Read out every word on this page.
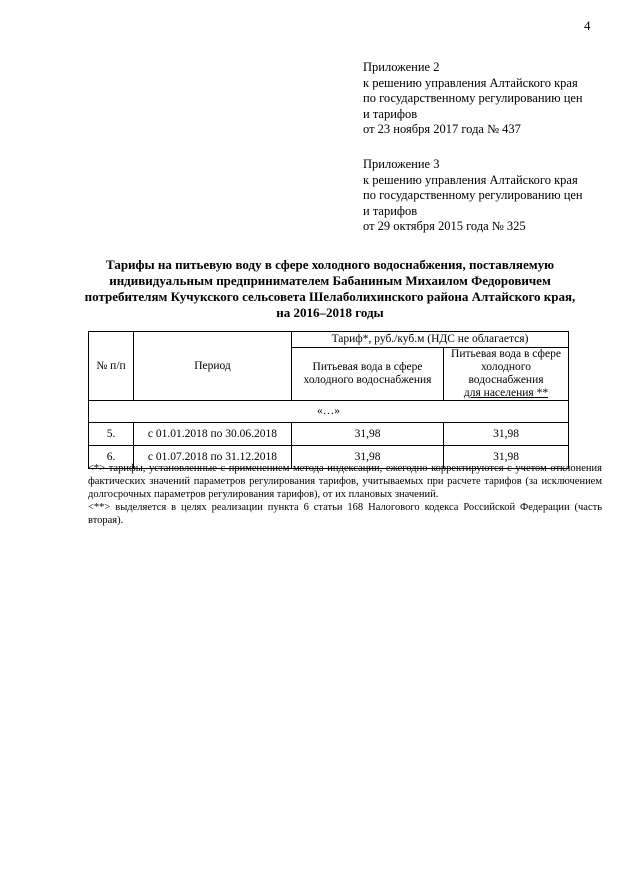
4
Приложение 2
к решению управления Алтайского края
по государственному регулированию цен
и тарифов
от 23 ноября 2017 года № 437
Приложение 3
к решению управления Алтайского края
по государственному регулированию цен
и тарифов
от 29 октября 2015 года № 325
Тарифы на питьевую воду в сфере холодного водоснабжения, поставляемую
индивидуальным предпринимателем Бабаниным Михаилом Федоровичем
потребителям Кучукского сельсовета Шелаболихинского района Алтайского края,
на 2016–2018 годы
№ п/п	Период	Тариф*, руб./куб.м (НДС не облагается)	
		Питьевая вода в сфере
холодного водоснабжения	Питьевая вода в сфере
холодного водоснабжения
для населения **
«…»			
5.	с 01.01.2018 по 30.06.2018	31,98	31,98
6.	с 01.07.2018 по 31.12.2018	31,98	31,98

<*> тарифы, установленные с применением метода индексации, ежегодно корректируются с учетом отклонения фактических значений параметров регулирования тарифов, учитываемых при расчете тарифов (за исключением долгосрочных параметров регулирования тарифов), от их плановых значений.

<**> выделяется в целях реализации пункта 6 статьи 168 Налогового кодекса Российской Федерации (часть вторая).
